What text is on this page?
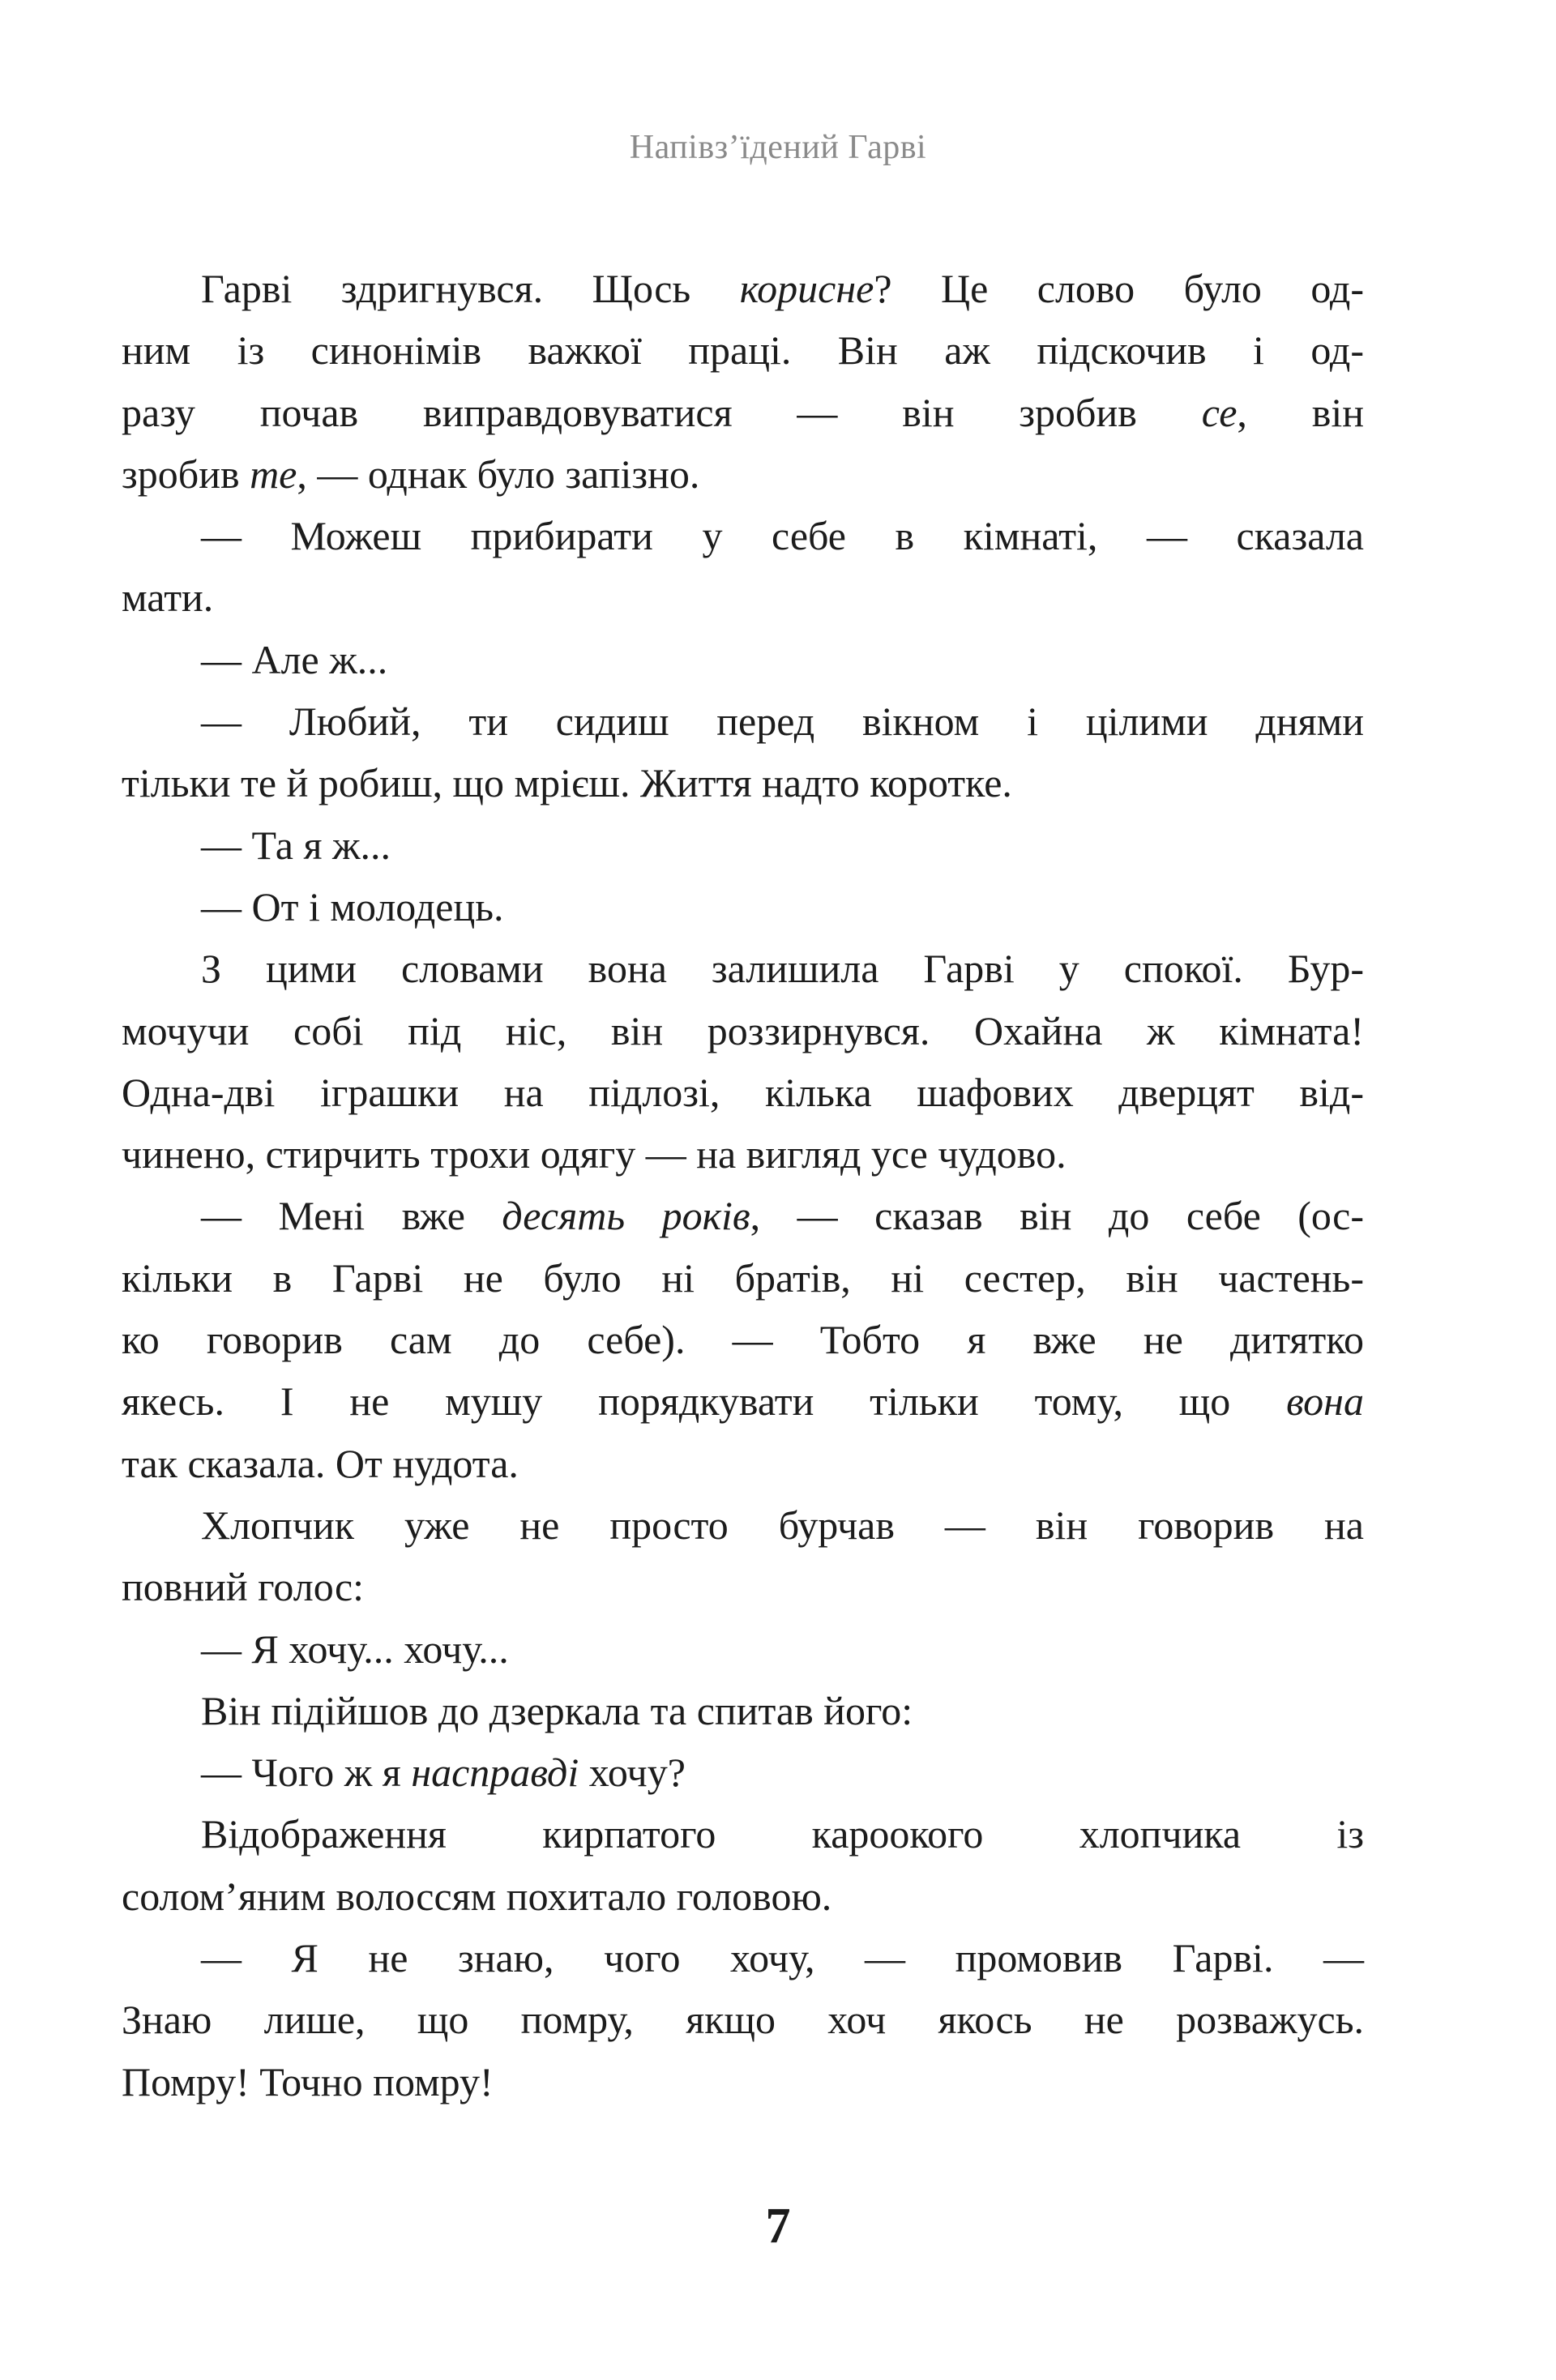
Напівз’їдений Гарві
Гарві здригнувся. Щось корисне? Це слово було од-
ним із синонімів важкої праці. Він аж підскочив і од-
разу почав виправдовуватися — він зробив се, він
зробив те, — однак було запізно.
— Можеш прибирати у себе в кімнаті, — сказала
мати.
— Але ж...
— Любий, ти сидиш перед вікном і цілими днями
тільки те й робиш, що мрієш. Життя надто коротке.
— Та я ж...
— От і молодець.
З цими словами вона залишила Гарві у спокої. Бур-
мочучи собі під ніс, він роззирнувся. Охайна ж кімната!
Одна-дві іграшки на підлозі, кілька шафових дверцят від-
чинено, стирчить трохи одягу — на вигляд усе чудово.
— Мені вже десять років, — сказав він до себе (ос-
кільки в Гарві не було ні братів, ні сестер, він частень-
ко говорив сам до себе). — Тобто я вже не дитятко
якесь. І не мушу порядкувати тільки тому, що вона
так сказала. От нудота.
Хлопчик уже не просто бурчав — він говорив на
повний голос:
— Я хочу... хочу...
Він підійшов до дзеркала та спитав його:
— Чого ж я насправді хочу?
Відображення кирпатого кароокого хлопчика із
солом’яним волоссям похитало головою.
— Я не знаю, чого хочу, — промовив Гарві. —
Знаю лише, що помру, якщо хоч якось не розважусь.
Помру! Точно помру!
7
